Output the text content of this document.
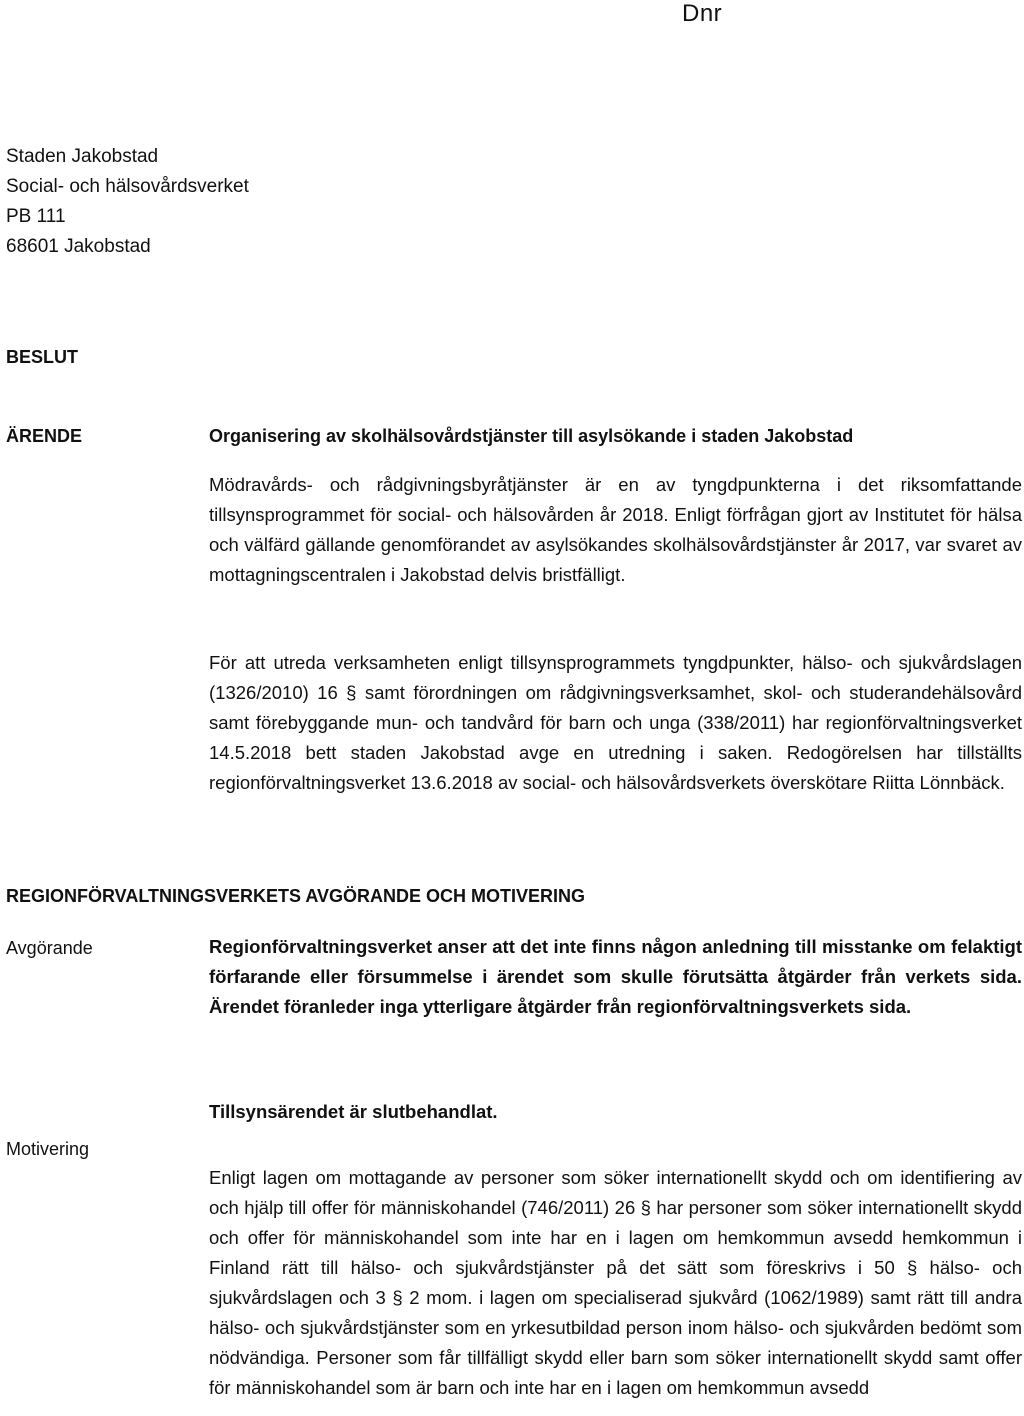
Dnr
Staden Jakobstad
Social- och hälsovårdsverket
PB 111
68601 Jakobstad
BESLUT
ÄRENDE	Organisering av skolhälsovårdstjänster till asylsökande i staden Jakobstad

Mödravårds- och rådgivningsbyråtjänster är en av tyngdpunkterna i det riksomfattande tillsynsprogrammet för social- och hälsovården år 2018. Enligt förfrågan gjort av Institutet för hälsa och välfärd gällande genomförandet av asylsökandes skolhälsovårdstjänster år 2017, var svaret av mottagningscentralen i Jakobstad delvis bristfälligt.

För att utreda verksamheten enligt tillsynsprogrammets tyngdpunkter, hälso- och sjukvårdslagen (1326/2010) 16 § samt förordningen om rådgivningsverksamhet, skol- och studerandehälsovård samt förebyggande mun- och tandvård för barn och unga (338/2011) har regionförvaltningsverket 14.5.2018 bett staden Jakobstad avge en utredning i saken. Redogörelsen har tillställts regionförvaltningsverket 13.6.2018 av social- och hälsovårdsverkets överskötare Riitta Lönnbäck.

REGIONFÖRVALTNINGSVERKETS AVGÖRANDE OCH MOTIVERING
Avgörande	Regionförvaltningsverket anser att det inte finns någon anledning till misstanke om felaktigt förfarande eller försummelse i ärendet som skulle förutsätta åtgärder från verkets sida. Ärendet föranleder inga ytterligare åtgärder från regionförvaltningsverkets sida.

Tillsynsärendet är slutbehandlat.

Motivering

Enligt lagen om mottagande av personer som söker internationellt skydd och om identifiering av och hjälp till offer för människohandel (746/2011) 26 § har personer som söker internationellt skydd och offer för människohandel som inte har en i lagen om hemkommun avsedd hemkommun i Finland rätt till hälso- och sjukvårdstjänster på det sätt som föreskrivs i 50 § hälso- och sjukvårdslagen och 3 § 2 mom. i lagen om specialiserad sjukvård (1062/1989) samt rätt till andra hälso- och sjukvårdstjänster som en yrkesutbildad person inom hälso- och sjukvården bedömt som nödvändiga. Personer som får tillfälligt skydd eller barn som söker internationellt skydd samt offer för människohandel som är barn och inte har en i lagen om hemkommun avsedd
